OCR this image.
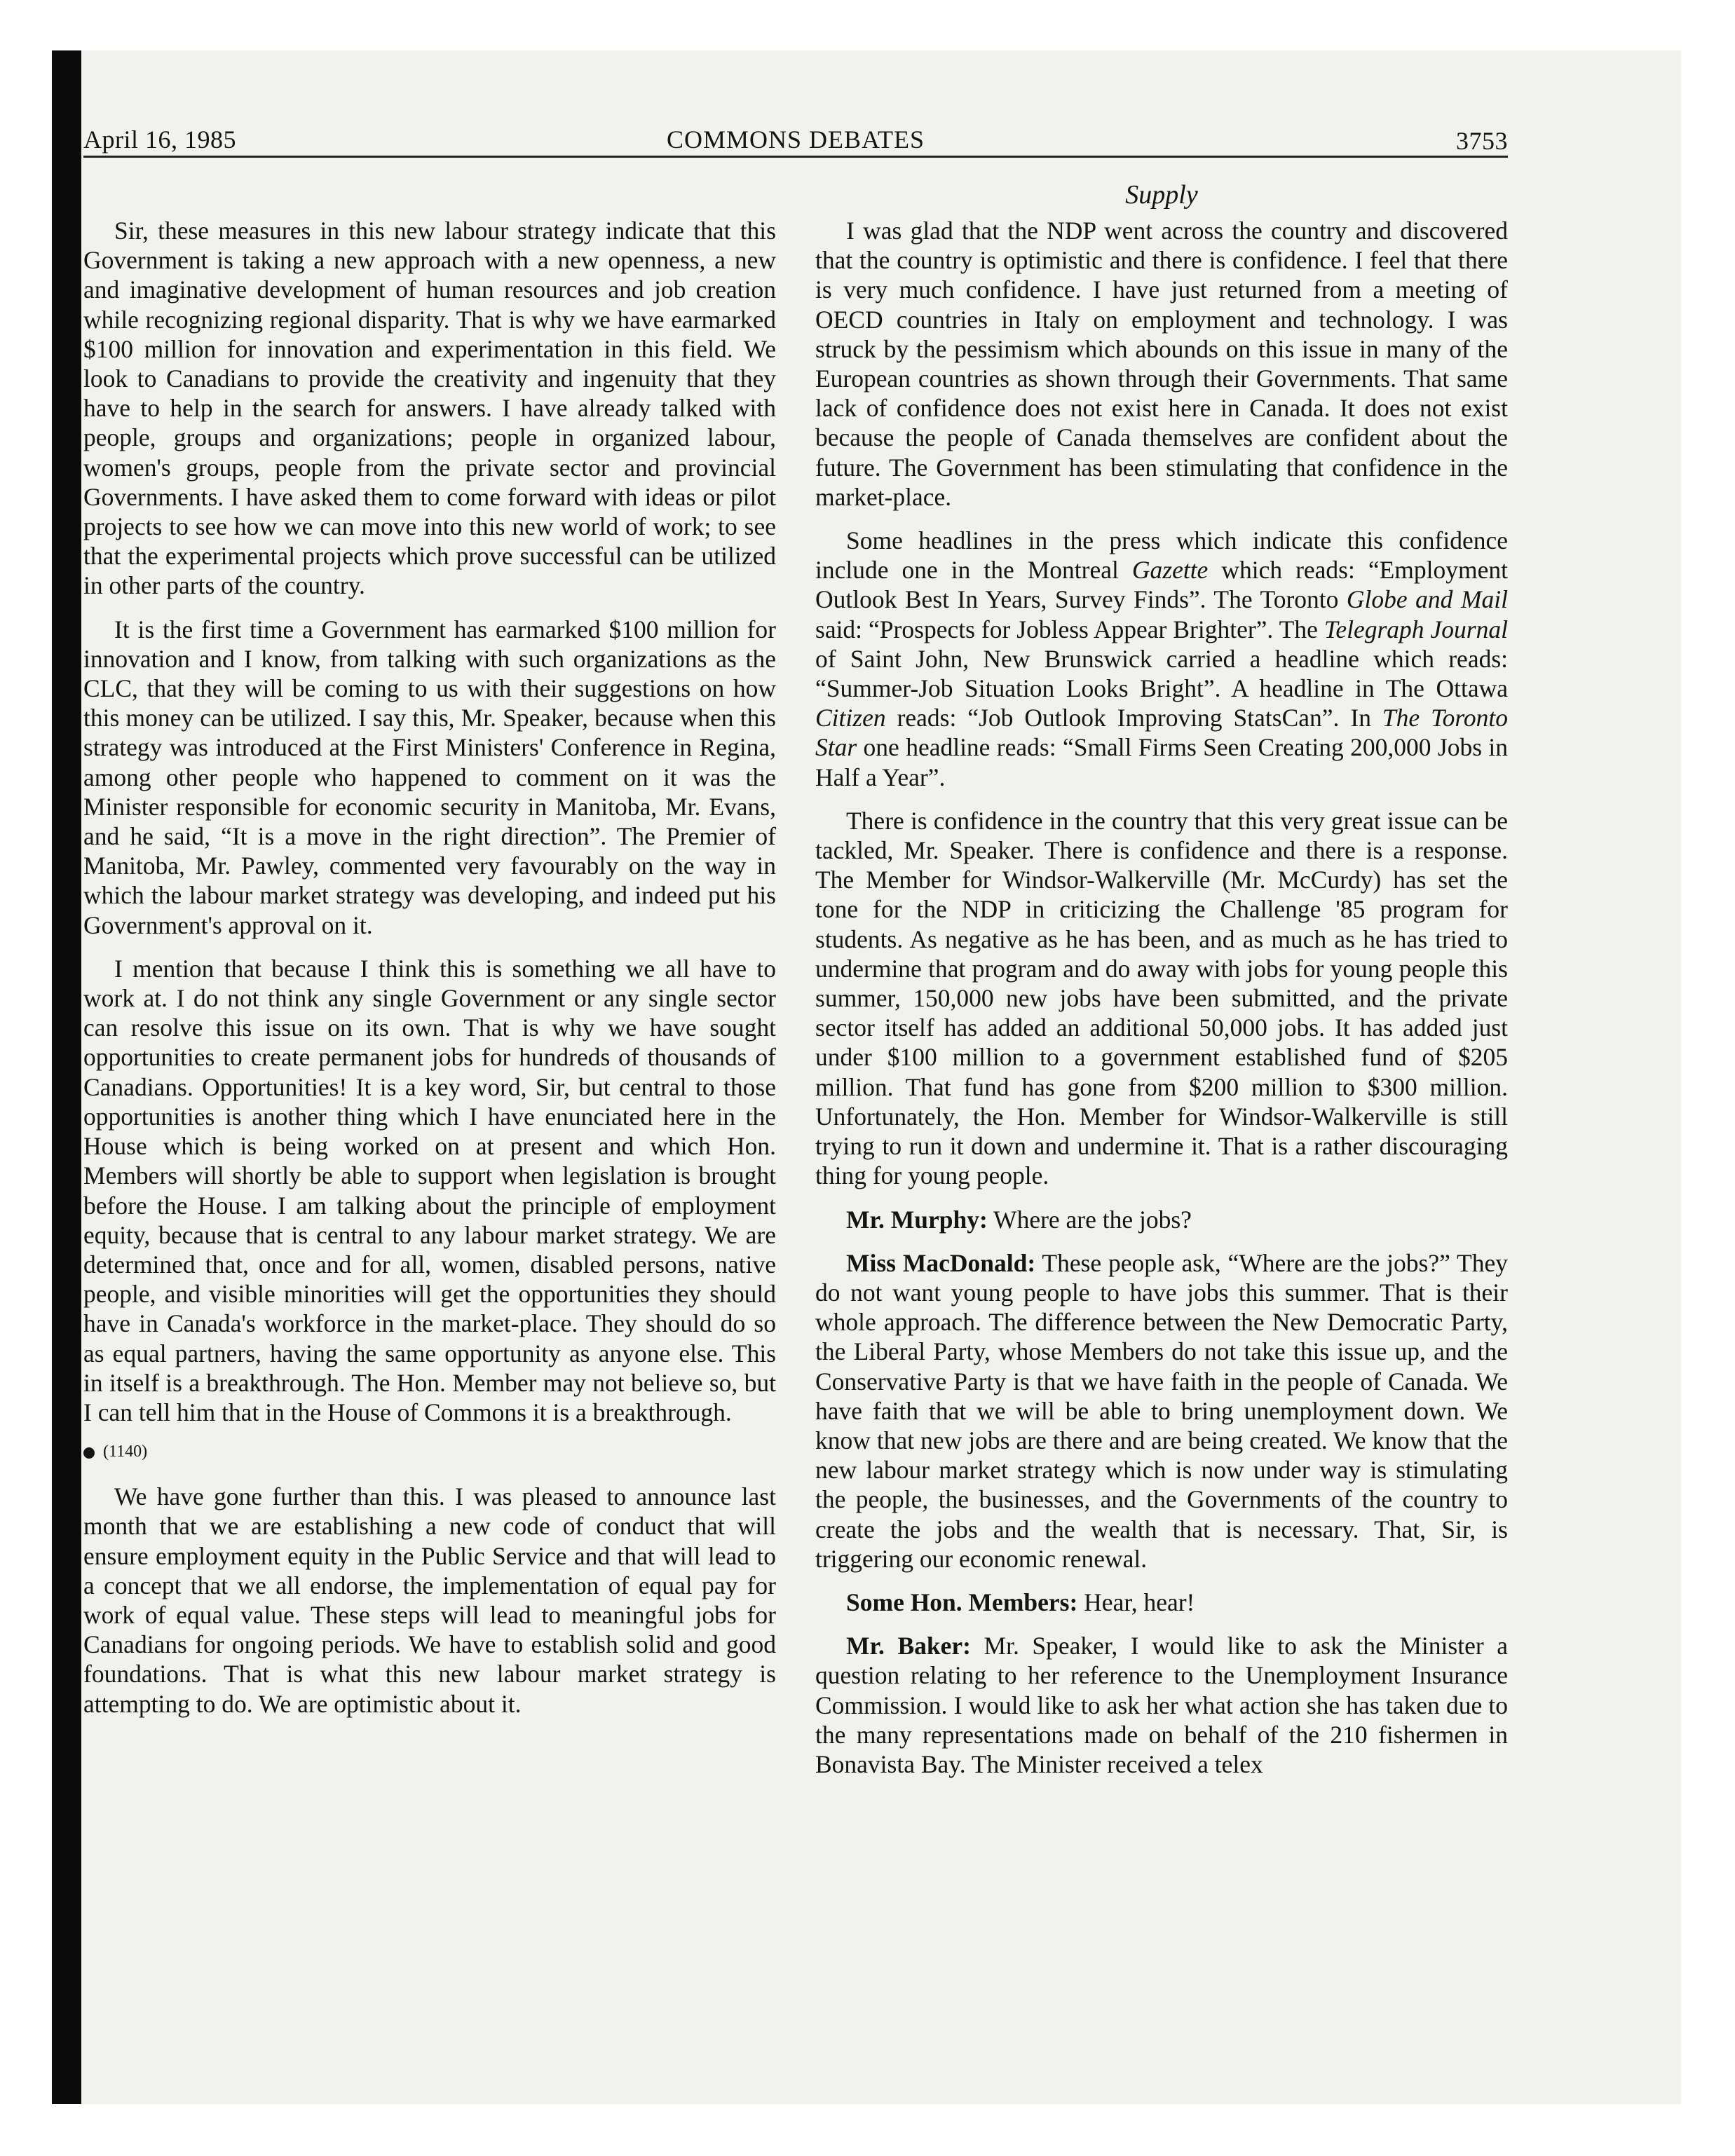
April 16, 1985	COMMONS DEBATES	3753
Supply

Sir, these measures in this new labour strategy indicate that this Government is taking a new approach with a new openness, a new and imaginative development of human resources and job creation while recognizing regional disparity. That is why we have earmarked $100 million for innovation and experimentation in this field. We look to Canadians to provide the creativity and ingenuity that they have to help in the search for answers. I have already talked with people, groups and organizations; people in organized labour, women's groups, people from the private sector and provincial Governments. I have asked them to come forward with ideas or pilot projects to see how we can move into this new world of work; to see that the experimental projects which prove successful can be utilized in other parts of the country.

It is the first time a Government has earmarked $100 million for innovation and I know, from talking with such organizations as the CLC, that they will be coming to us with their suggestions on how this money can be utilized. I say this, Mr. Speaker, because when this strategy was introduced at the First Ministers' Conference in Regina, among other people who happened to comment on it was the Minister responsible for economic security in Manitoba, Mr. Evans, and he said, “It is a move in the right direction”. The Premier of Manitoba, Mr. Pawley, commented very favourably on the way in which the labour market strategy was developing, and indeed put his Government's approval on it.

I mention that because I think this is something we all have to work at. I do not think any single Government or any single sector can resolve this issue on its own. That is why we have sought opportunities to create permanent jobs for hundreds of thousands of Canadians. Opportunities! It is a key word, Sir, but central to those opportunities is another thing which I have enunciated here in the House which is being worked on at present and which Hon. Members will shortly be able to support when legislation is brought before the House. I am talking about the principle of employment equity, because that is central to any labour market strategy. We are determined that, once and for all, women, disabled persons, native people, and visible minorities will get the opportunities they should have in Canada's workforce in the market-place. They should do so as equal partners, having the same opportunity as anyone else. This in itself is a breakthrough. The Hon. Member may not believe so, but I can tell him that in the House of Commons it is a breakthrough.

(1140)

We have gone further than this. I was pleased to announce last month that we are establishing a new code of conduct that will ensure employment equity in the Public Service and that will lead to a concept that we all endorse, the implementation of equal pay for work of equal value. These steps will lead to meaningful jobs for Canadians for ongoing periods. We have to establish solid and good foundations. That is what this new labour market strategy is attempting to do. We are optimistic about it.

I was glad that the NDP went across the country and discovered that the country is optimistic and there is confidence. I feel that there is very much confidence. I have just returned from a meeting of OECD countries in Italy on employment and technology. I was struck by the pessimism which abounds on this issue in many of the European countries as shown through their Governments. That same lack of confidence does not exist here in Canada. It does not exist because the people of Canada themselves are confident about the future. The Government has been stimulating that confidence in the market-place.

Some headlines in the press which indicate this confidence include one in the Montreal Gazette which reads: “Employment Outlook Best In Years, Survey Finds”. The Toronto Globe and Mail said: “Prospects for Jobless Appear Brighter”. The Telegraph Journal of Saint John, New Brunswick carried a headline which reads: “Summer-Job Situation Looks Bright”. A headline in The Ottawa Citizen reads: “Job Outlook Improving StatsCan”. In The Toronto Star one headline reads: “Small Firms Seen Creating 200,000 Jobs in Half a Year”.

There is confidence in the country that this very great issue can be tackled, Mr. Speaker. There is confidence and there is a response. The Member for Windsor-Walkerville (Mr. McCurdy) has set the tone for the NDP in criticizing the Challenge '85 program for students. As negative as he has been, and as much as he has tried to undermine that program and do away with jobs for young people this summer, 150,000 new jobs have been submitted, and the private sector itself has added an additional 50,000 jobs. It has added just under $100 million to a government established fund of $205 million. That fund has gone from $200 million to $300 million. Unfortunately, the Hon. Member for Windsor-Walkerville is still trying to run it down and undermine it. That is a rather discouraging thing for young people.

Mr. Murphy: Where are the jobs?

Miss MacDonald: These people ask, “Where are the jobs?” They do not want young people to have jobs this summer. That is their whole approach. The difference between the New Democratic Party, the Liberal Party, whose Members do not take this issue up, and the Conservative Party is that we have faith in the people of Canada. We have faith that we will be able to bring unemployment down. We know that new jobs are there and are being created. We know that the new labour market strategy which is now under way is stimulating the people, the businesses, and the Governments of the country to create the jobs and the wealth that is necessary. That, Sir, is triggering our economic renewal.

Some Hon. Members: Hear, hear!

Mr. Baker: Mr. Speaker, I would like to ask the Minister a question relating to her reference to the Unemployment Insurance Commission. I would like to ask her what action she has taken due to the many representations made on behalf of the 210 fishermen in Bonavista Bay. The Minister received a telex
